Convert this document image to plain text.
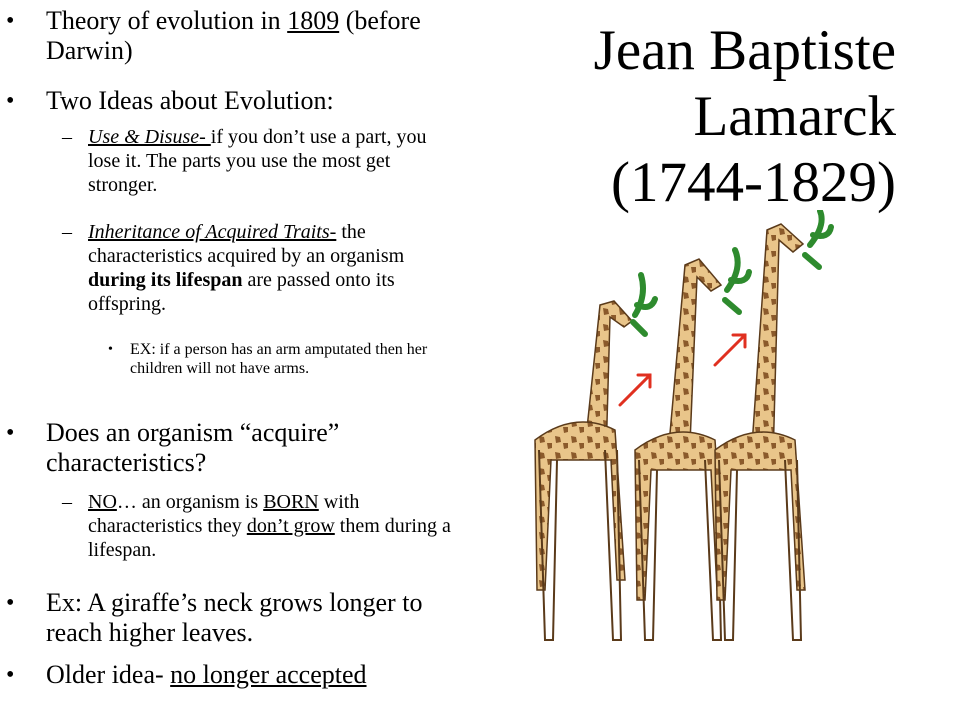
Jean Baptiste
Lamarck
(1744-1829)
• Theory of evolution in 1809 (before Darwin)
• Two Ideas about Evolution:
– Use & Disuse- if you don’t use a part, you lose it. The parts you use the most get stronger.
– Inheritance of Acquired Traits- the characteristics acquired by an organism during its lifespan are passed onto its offspring.
• EX: if a person has an arm amputated then her children will not have arms.
• Does an organism “acquire” characteristics?
– NO… an organism is BORN with characteristics they don’t grow them during a lifespan.
• Ex: A giraffe’s neck grows longer to reach higher leaves.
• Older idea- no longer accepted
